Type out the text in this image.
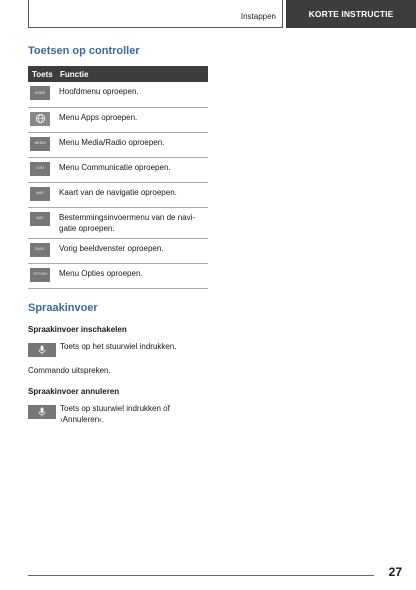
Instappen	KORTE INSTRUCTIE
Toetsen op controller
Toets	Functie

HOME	Hoofdmenu oproepen.

	Menu Apps oproepen.

MEDIA	Menu Media/Radio oproepen.

COM	Menu Communicatie oproepen.

MAP	Kaart van de navigatie oproepen.

NAV	Bestemmingsinvoermenu van de navigatie oproepen.

BACK	Vorig beeldvenster oproepen.

OPTION	Menu Opties oproepen.
Spraakinvoer
Spraakinvoer inschakelen
Toets op het stuurwiel indrukken.
Commando uitspreken.
Spraakinvoer annuleren
Toets op stuurwiel indrukken of ›Annuleren‹.
27
